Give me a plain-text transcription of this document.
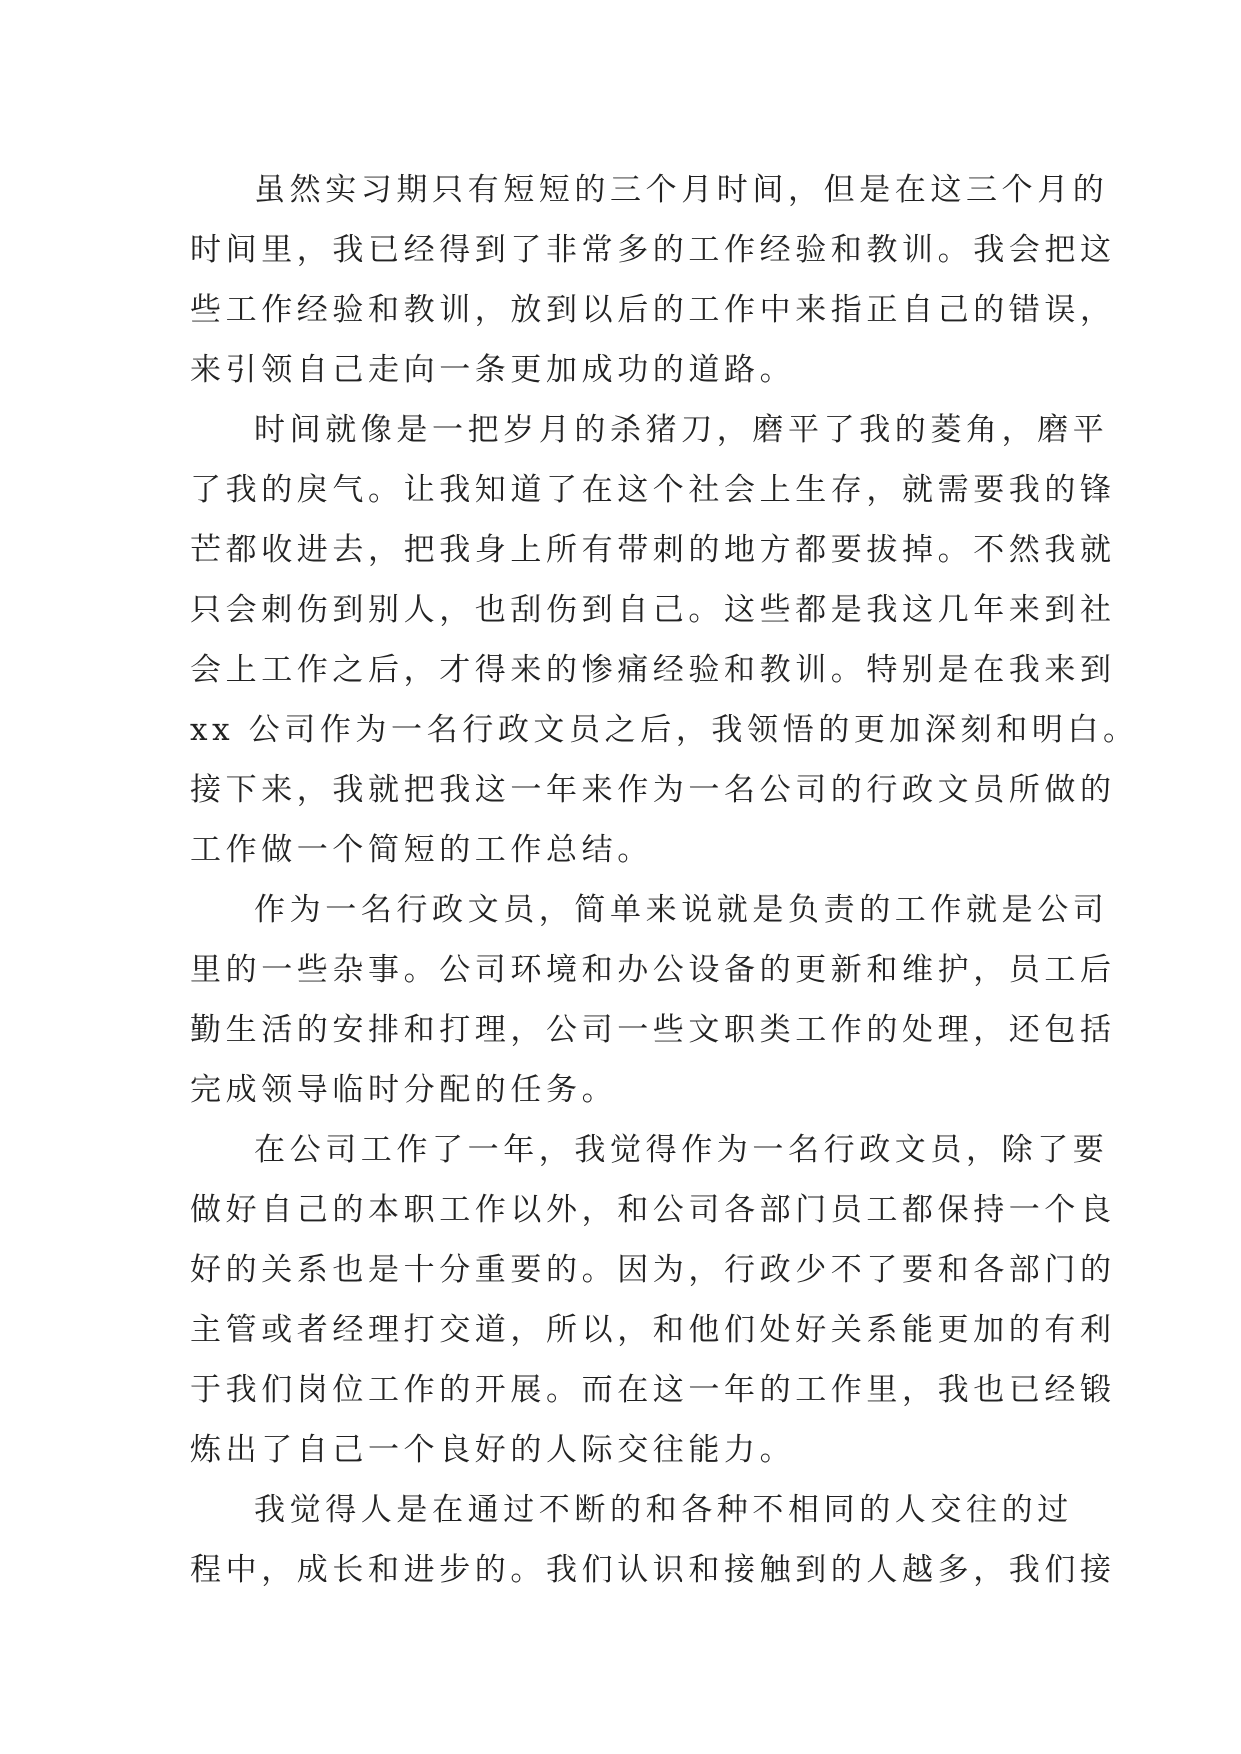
虽然实习期只有短短的三个月时间，但是在这三个月的
时间里，我已经得到了非常多的工作经验和教训。我会把这
些工作经验和教训，放到以后的工作中来指正自己的错误，
来引领自己走向一条更加成功的道路。
时间就像是一把岁月的杀猪刀，磨平了我的菱角，磨平
了我的戾气。让我知道了在这个社会上生存，就需要我的锋
芒都收进去，把我身上所有带刺的地方都要拔掉。不然我就
只会刺伤到别人，也刮伤到自己。这些都是我这几年来到社
会上工作之后，才得来的惨痛经验和教训。特别是在我来到
xx 公司作为一名行政文员之后，我领悟的更加深刻和明白。
接下来，我就把我这一年来作为一名公司的行政文员所做的
工作做一个简短的工作总结。
作为一名行政文员，简单来说就是负责的工作就是公司
里的一些杂事。公司环境和办公设备的更新和维护，员工后
勤生活的安排和打理，公司一些文职类工作的处理，还包括
完成领导临时分配的任务。
在公司工作了一年，我觉得作为一名行政文员，除了要
做好自己的本职工作以外，和公司各部门员工都保持一个良
好的关系也是十分重要的。因为，行政少不了要和各部门的
主管或者经理打交道，所以，和他们处好关系能更加的有利
于我们岗位工作的开展。而在这一年的工作里，我也已经锻
炼出了自己一个良好的人际交往能力。
我觉得人是在通过不断的和各种不相同的人交往的过
程中，成长和进步的。我们认识和接触到的人越多，我们接
